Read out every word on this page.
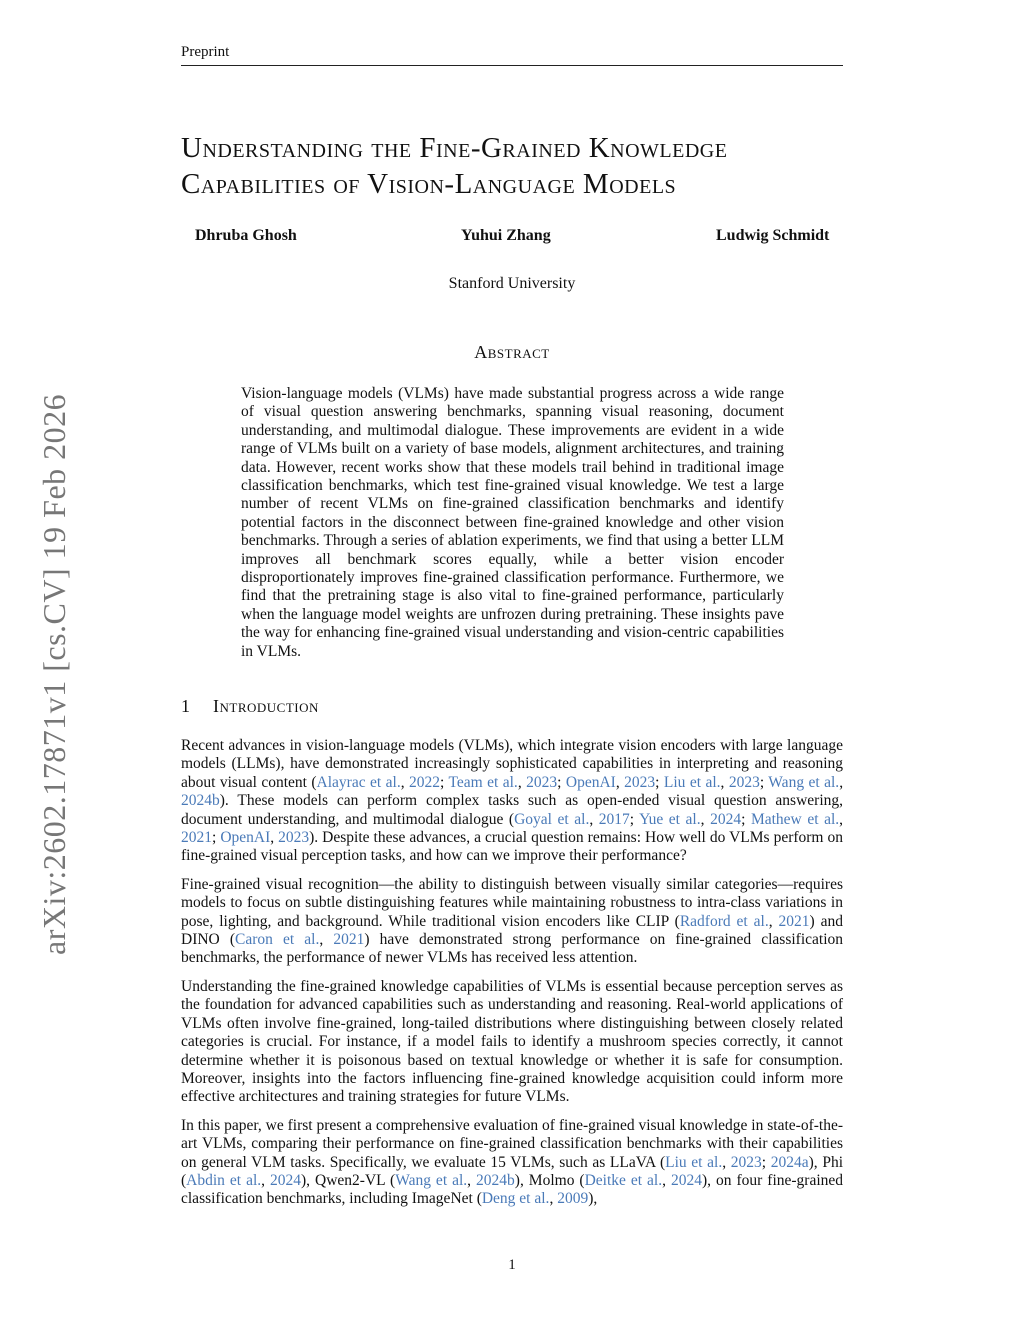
Preprint
arXiv:2602.17871v1 [cs.CV] 19 Feb 2026
Understanding the Fine-Grained Knowledge
Capabilities of Vision-Language Models
Dhruba Ghosh	Yuhui Zhang	Ludwig Schmidt
Stanford University
Abstract
Vision-language models (VLMs) have made substantial progress across a wide range of visual question answering benchmarks, spanning visual reasoning, document understanding, and multimodal dialogue. These improvements are evident in a wide range of VLMs built on a variety of base models, alignment architectures, and training data. However, recent works show that these models trail behind in traditional image classification benchmarks, which test fine-grained visual knowledge. We test a large number of recent VLMs on fine-grained classification benchmarks and identify potential factors in the disconnect between fine-grained knowledge and other vision benchmarks. Through a series of ablation experiments, we find that using a better LLM improves all benchmark scores equally, while a better vision encoder disproportionately improves fine-grained classification performance. Furthermore, we find that the pretraining stage is also vital to fine-grained performance, particularly when the language model weights are unfrozen during pretraining. These insights pave the way for enhancing fine-grained visual understanding and vision-centric capabilities in VLMs.
1 Introduction

Recent advances in vision-language models (VLMs), which integrate vision encoders with large language models (LLMs), have demonstrated increasingly sophisticated capabilities in interpreting and reasoning about visual content (Alayrac et al., 2022; Team et al., 2023; OpenAI, 2023; Liu et al., 2023; Wang et al., 2024b). These models can perform complex tasks such as open-ended visual question answering, document understanding, and multimodal dialogue (Goyal et al., 2017; Yue et al., 2024; Mathew et al., 2021; OpenAI, 2023). Despite these advances, a crucial question remains: How well do VLMs perform on fine-grained visual perception tasks, and how can we improve their performance?

Fine-grained visual recognition—the ability to distinguish between visually similar categories—requires models to focus on subtle distinguishing features while maintaining robustness to intra-class variations in pose, lighting, and background. While traditional vision encoders like CLIP (Radford et al., 2021) and DINO (Caron et al., 2021) have demonstrated strong performance on fine-grained classification benchmarks, the performance of newer VLMs has received less attention.

Understanding the fine-grained knowledge capabilities of VLMs is essential because perception serves as the foundation for advanced capabilities such as understanding and reasoning. Real-world applications of VLMs often involve fine-grained, long-tailed distributions where distinguishing between closely related categories is crucial. For instance, if a model fails to identify a mushroom species correctly, it cannot determine whether it is poisonous based on textual knowledge or whether it is safe for consumption. Moreover, insights into the factors influencing fine-grained knowledge acquisition could inform more effective architectures and training strategies for future VLMs.

In this paper, we first present a comprehensive evaluation of fine-grained visual knowledge in state-of-the-art VLMs, comparing their performance on fine-grained classification benchmarks with their capabilities on general VLM tasks. Specifically, we evaluate 15 VLMs, such as LLaVA (Liu et al., 2023; 2024a), Phi (Abdin et al., 2024), Qwen2-VL (Wang et al., 2024b), Molmo (Deitke et al., 2024), on four fine-grained classification benchmarks, including ImageNet (Deng et al., 2009),

1
